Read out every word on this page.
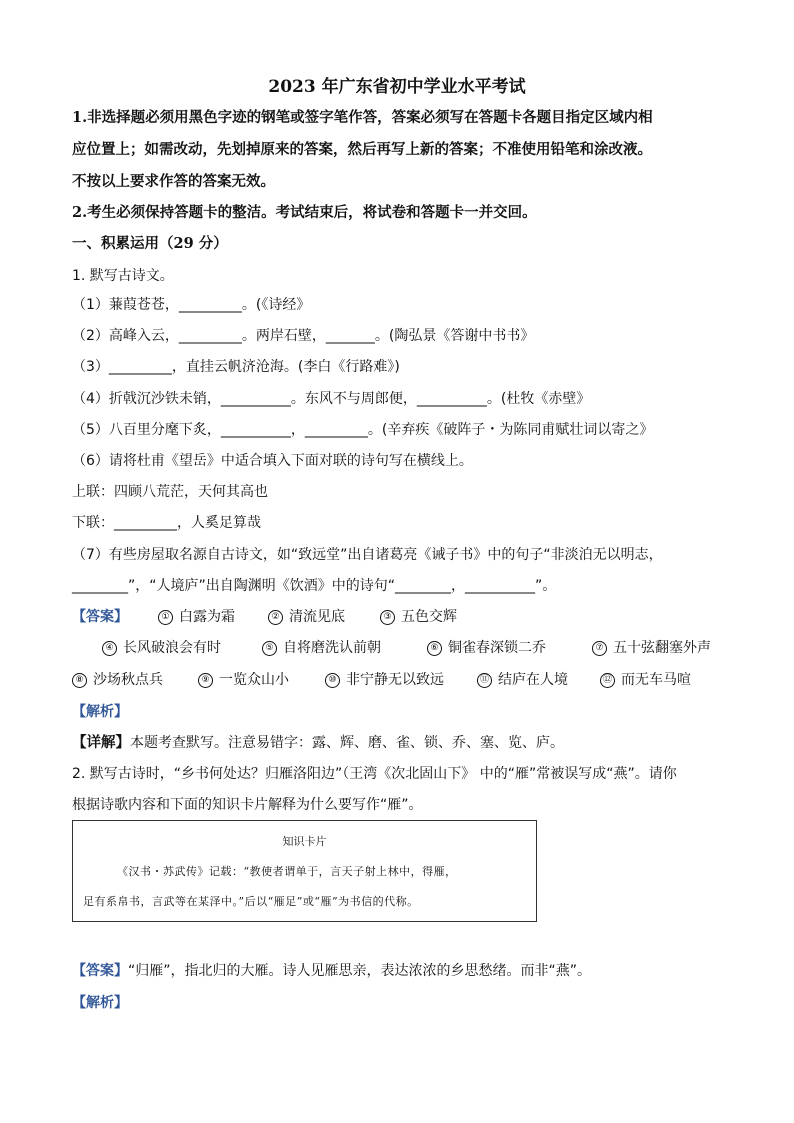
2023 年广东省初中学业水平考试
1.非选择题必须用黑色字迹的钢笔或签字笔作答，答案必须写在答题卡各题目指定区域内相
应位置上；如需改动，先划掉原来的答案，然后再写上新的答案；不准使用铅笔和涂改液。
不按以上要求作答的答案无效。
2.考生必须保持答题卡的整洁。考试结束后，将试卷和答题卡一并交回。
一、积累运用（29 分）
1. 默写古诗文。
（1）蒹葭苍苍，_________。(《诗经》
（2）高峰入云，_________。两岸石壁，_______。(陶弘景《答谢中书书》
（3）_________，直挂云帆济沧海。(李白《行路难》)
（4）折戟沉沙铁未销，__________。东风不与周郎便，__________。(杜牧《赤壁》
（5）八百里分麾下炙，__________，_________。(辛弃疾《破阵子・为陈同甫赋壮词以寄之》
（6）请将杜甫《望岳》中适合填入下面对联的诗句写在横线上。
上联：四顾八荒茫，天何其高也
下联：_________，人奚足算哉
（7）有些房屋取名源自古诗文，如“致远堂”出自诸葛亮《诫子书》中的句子“非淡泊无以明志，
________”，“人境庐”出自陶渊明《饮酒》中的诗句“________，__________”。
【答案】	① 白露为霜	② 清流见底	③ 五色交辉
④ 长风破浪会有时	⑤ 自将磨洗认前朝	⑥ 铜雀春深锁二乔	⑦ 五十弦翻塞外声
⑧ 沙场秋点兵	⑨ 一览众山小	⑩ 非宁静无以致远	⑪ 结庐在人境	⑫ 而无车马喧
【解析】
【详解】本题考查默写。注意易错字：露、辉、磨、雀、锁、乔、塞、览、庐。
2. 默写古诗时，“乡书何处达？归雁洛阳边”（王湾《次北固山下》 中的“雁”常被误写成“燕”。请你
根据诗歌内容和下面的知识卡片解释为什么要写作“雁”。
知识卡片
《汉书・苏武传》记载：“教使者谓单于，言天子射上林中，得雁，
足有系帛书，言武等在某泽中。”后以“雁足”或“雁”为书信的代称。
【答案】“归雁”，指北归的大雁。诗人见雁思亲，表达浓浓的乡思愁绪。而非“燕”。
【解析】
